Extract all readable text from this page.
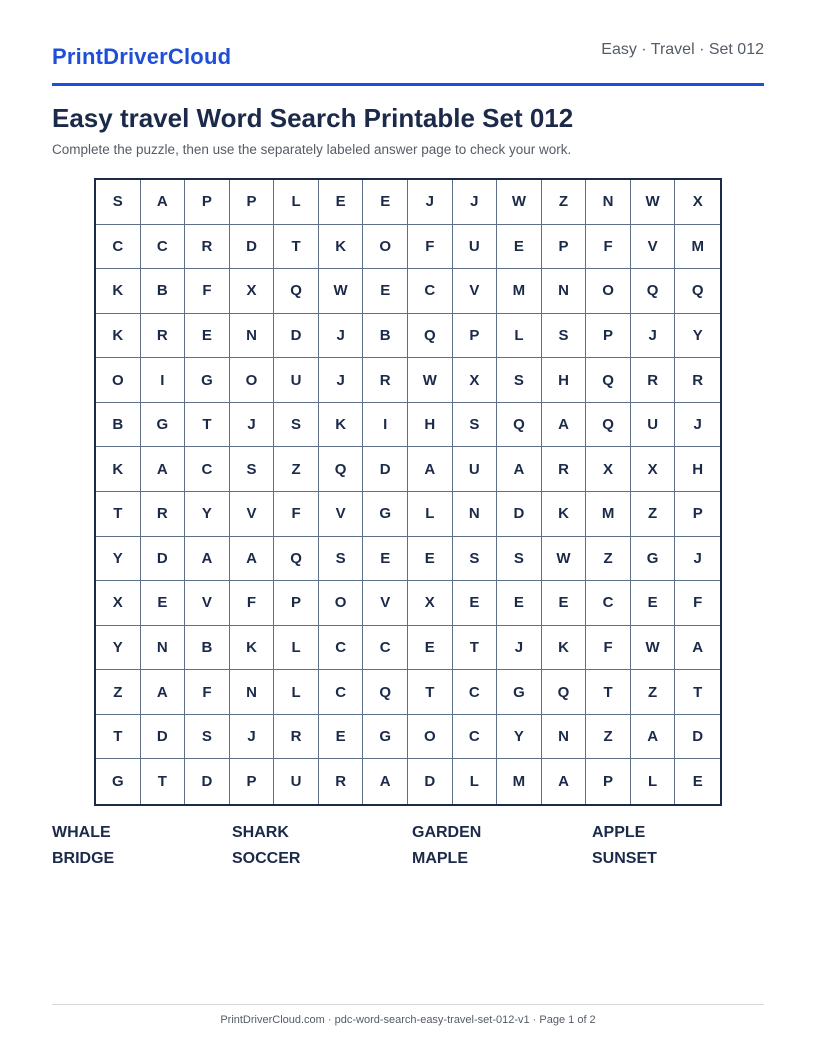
PrintDriverCloud	Easy · Travel · Set 012
Easy travel Word Search Printable Set 012
Complete the puzzle, then use the separately labeled answer page to check your work.
S	A	P	P	L	E	E	J	J	W	Z	N	W	X
C	C	R	D	T	K	O	F	U	E	P	F	V	M
K	B	F	X	Q	W	E	C	V	M	N	O	Q	Q
K	R	E	N	D	J	B	Q	P	L	S	P	J	Y
O	I	G	O	U	J	R	W	X	S	H	Q	R	R
B	G	T	J	S	K	I	H	S	Q	A	Q	U	J
K	A	C	S	Z	Q	D	A	U	A	R	X	X	H
T	R	Y	V	F	V	G	L	N	D	K	M	Z	P
Y	D	A	A	Q	S	E	E	S	S	W	Z	G	J
X	E	V	F	P	O	V	X	E	E	E	C	E	F
Y	N	B	K	L	C	C	E	T	J	K	F	W	A
Z	A	F	N	L	C	Q	T	C	G	Q	T	Z	T
T	D	S	J	R	E	G	O	C	Y	N	Z	A	D
G	T	D	P	U	R	A	D	L	M	A	P	L	E
WHALE	SHARK	GARDEN	APPLE
BRIDGE	SOCCER	MAPLE	SUNSET
PrintDriverCloud.com · pdc-word-search-easy-travel-set-012-v1 · Page 1 of 2
